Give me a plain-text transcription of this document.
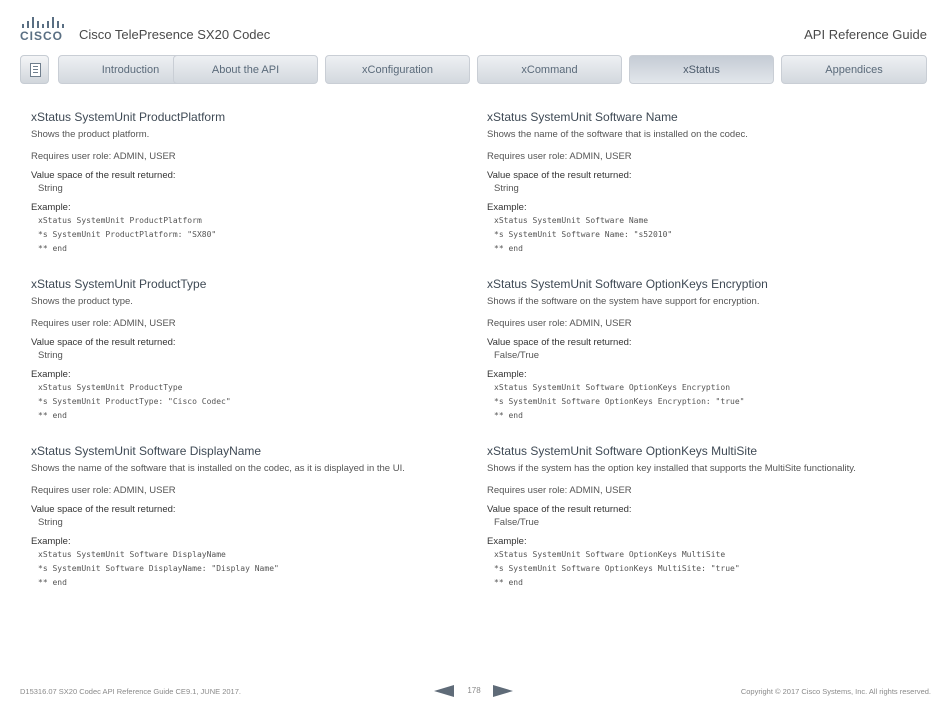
CISCO Cisco TelePresence SX20 Codec	API Reference Guide
Introduction	About the API	xConfiguration	xCommand	xStatus	Appendices
xStatus SystemUnit ProductPlatform
Shows the product platform.
Requires user role: ADMIN, USER
Value space of the result returned:
String
Example:
xStatus SystemUnit ProductPlatform
*s SystemUnit ProductPlatform: "SX80"
** end
xStatus SystemUnit ProductType
Shows the product type.
Requires user role: ADMIN, USER
Value space of the result returned:
String
Example:
xStatus SystemUnit ProductType
*s SystemUnit ProductType: "Cisco Codec"
** end
xStatus SystemUnit Software DisplayName
Shows the name of the software that is installed on the codec, as it is displayed in the UI.
Requires user role: ADMIN, USER
Value space of the result returned:
String
Example:
xStatus SystemUnit Software DisplayName
*s SystemUnit Software DisplayName: "Display Name"
** end
xStatus SystemUnit Software Name
Shows the name of the software that is installed on the codec.
Requires user role: ADMIN, USER
Value space of the result returned:
String
Example:
xStatus SystemUnit Software Name
*s SystemUnit Software Name: "s52010"
** end
xStatus SystemUnit Software OptionKeys Encryption
Shows if the software on the system have support for encryption.
Requires user role: ADMIN, USER
Value space of the result returned:
False/True
Example:
xStatus SystemUnit Software OptionKeys Encryption
*s SystemUnit Software OptionKeys Encryption: "true"
** end
xStatus SystemUnit Software OptionKeys MultiSite
Shows if the system has the option key installed that supports the MultiSite functionality.
Requires user role: ADMIN, USER
Value space of the result returned:
False/True
Example:
xStatus SystemUnit Software OptionKeys MultiSite
*s SystemUnit Software OptionKeys MultiSite: "true"
** end
D15316.07 SX20 Codec API Reference Guide CE9.1, JUNE 2017.	178	Copyright © 2017 Cisco Systems, Inc. All rights reserved.
